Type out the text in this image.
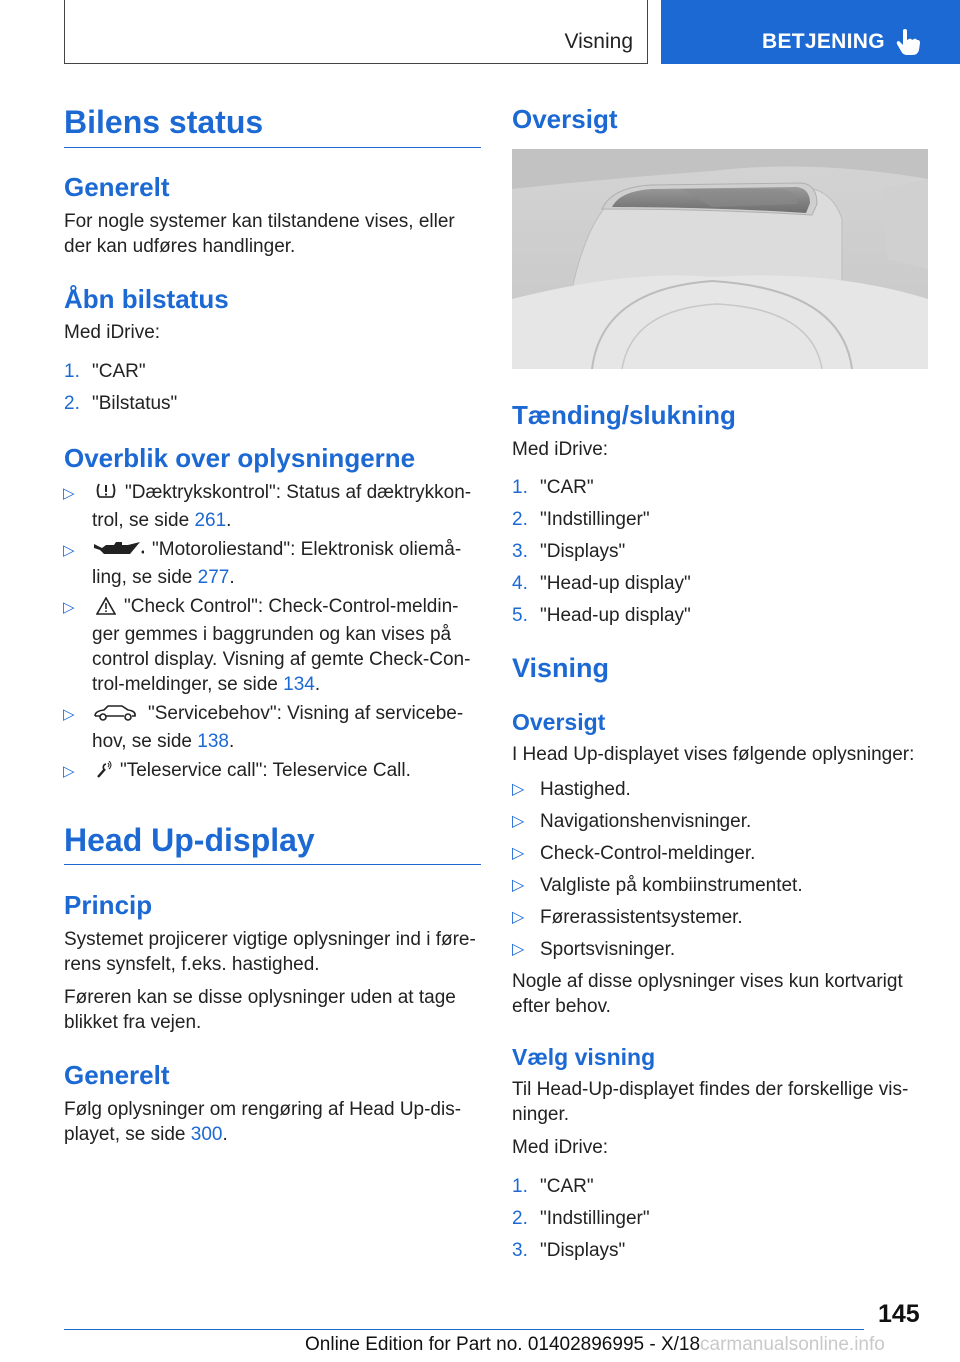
Visning	BETJENING
Bilens status
Generelt

For nogle systemer kan tilstandene vises, eller
der kan udføres handlinger.

Åbn bilstatus

Med iDrive:

1. "CAR"
2. "Bilstatus"
Overblik over oplysningerne
▷	"Dæktrykskontrol": Status af dæktrykkon-
trol, se side 261.
▷	"Motoroliestand": Elektronisk oliemå-
ling, se side 277.
▷	"Check Control": Check-Control-meldin-
ger gemmes i baggrunden og kan vises på
control display. Visning af gemte Check-Con-
trol-meldinger, se side 134.
▷	"Servicebehov": Visning af servicebe-
hov, se side 138.
▷	"Teleservice call": Teleservice Call.
Head Up-display
Princip

Systemet projicerer vigtige oplysninger ind i føre-
rens synsfelt, f.eks. hastighed.

Føreren kan se disse oplysninger uden at tage
blikket fra vejen.

Generelt

Følg oplysninger om rengøring af Head Up-dis-
playet, se side 300.

Oversigt
Tænding/slukning

Med iDrive:

1. "CAR"
2. "Indstillinger"
3. "Displays"
4. "Head-up display"
5. "Head-up display"
Visning
Oversigt

I Head Up-displayet vises følgende oplysninger:

▷ Hastighed.
▷ Navigationshenvisninger.
▷ Check-Control-meldinger.
▷ Valgliste på kombiinstrumentet.
▷ Førerassistentsystemer.
▷ Sportsvisninger.

Nogle af disse oplysninger vises kun kortvarigt
efter behov.

Vælg visning

Til Head-Up-displayet findes der forskellige vis-
ninger.

Med iDrive:

1. "CAR"
2. "Indstillinger"
3. "Displays"
145
carmanualsonline.info
Online Edition for Part no. 01402896995 - X/18
